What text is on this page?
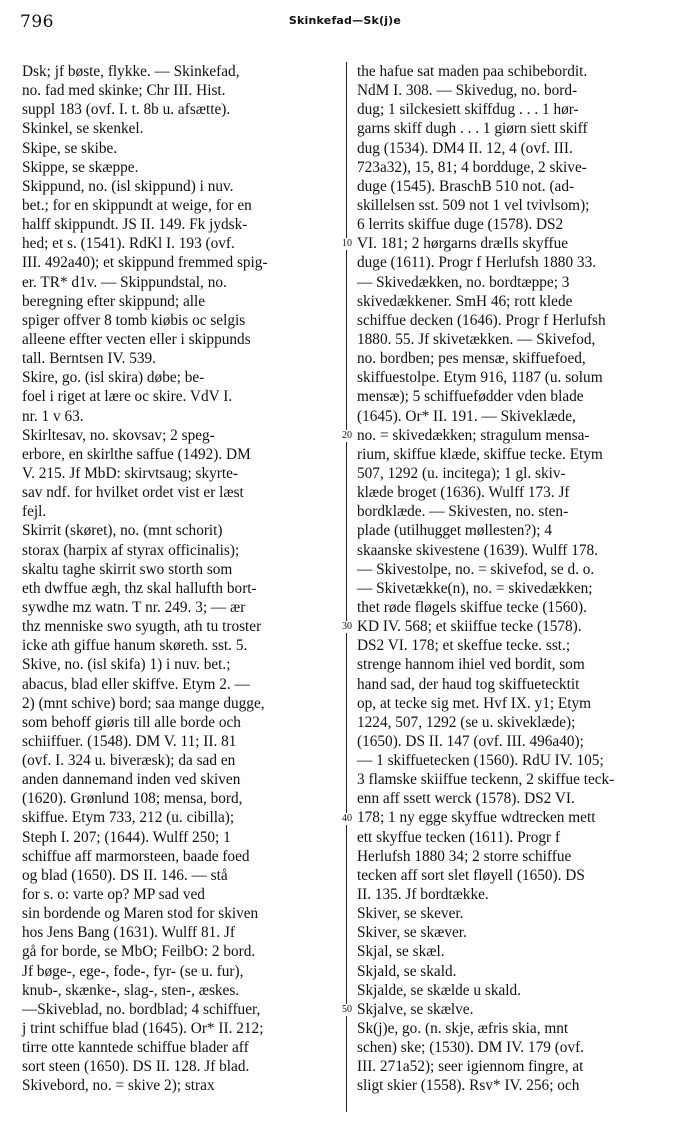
796	Skinkefad—Sk(j)e
10
20
30
40
50
Dsk; jf bøste, flykke. — Skinkefad,
no. fad med skinke; Chr III. Hist.
suppl 183 (ovf. I. t. 8b u. afsætte).
Skinkel, se skenkel.
Skipe, se skibe.
Skippe, se skæppe.
Skippund, no. (isl skippund) i nuv.
bet.; for en skippundt at weige, for en
halff skippundt. JS II. 149. Fk jydsk-
hed; et s. (1541). RdKl I. 193 (ovf.
III. 492a40); et skippund fremmed spig-
er. TR* d1v. — Skippundstal, no.
beregning efter skippund; alle
spiger offver 8 tomb kiøbis oc selgis
alleene effter vecten eller i skippunds
tall. Berntsen IV. 539.
Skire, go. (isl skira) døbe; be-
foel i riget at lære oc skire. VdV I.
nr. 1 v 63.
Skirltesav, no. skovsav; 2 speg-
erbore, en skirlthe saffue (1492). DM
V. 215. Jf MbD: skirvtsaug; skyrte-
sav ndf. for hvilket ordet vist er læst
fejl.
Skirrit (skøret), no. (mnt schorit)
storax (harpix af styrax officinalis);
skaltu taghe skirrit swo storth som
eth dwffue ægh, thz skal hallufth bort-
sywdhe mz watn. T nr. 249. 3; — ær
thz menniske swo syugth, ath tu troster
icke ath giffue hanum skøreth. sst. 5.
Skive, no. (isl skifa) 1) i nuv. bet.;
abacus, blad eller skiffve. Etym 2. —
2) (mnt schive) bord; saa mange dugge,
som behoff giøris till alle borde och
schiiffuer. (1548). DM V. 11; II. 81
(ovf. I. 324 u. biveræsk); da sad en
anden dannemand inden ved skiven
(1620). Grønlund 108; mensa, bord,
skiffue. Etym 733, 212 (u. cibilla);
Steph I. 207; (1644). Wulff 250; 1
schiffue aff marmorsteen, baade foed
og blad (1650). DS II. 146. — stå
for s. o: varte op? MP sad ved
sin bordende og Maren stod for skiven
hos Jens Bang (1631). Wulff 81. Jf
gå for borde, se MbO; FeilbO: 2 bord.
Jf bøge-, ege-, fode-, fyr- (se u. fur),
knub-, skænke-, slag-, sten-, æskes.
—Skiveblad, no. bordblad; 4 schiffuer,
j trint schiffue blad (1645). Or* II. 212;
tirre otte kanntede schiffue blader aff
sort steen (1650). DS II. 128. Jf blad.
Skivebord, no. = skive 2); strax
the hafue sat maden paa schibebordit.
NdM I. 308. — Skivedug, no. bord-
dug; 1 silckesiett skiffdug . . . 1 hør-
garns skiff dugh . . . 1 giørn siett skiff
dug (1534). DM4 II. 12, 4 (ovf. III.
723a32), 15, 81; 4 bordduge, 2 skive-
duge (1545). BraschB 510 not. (ad-
skillelsen sst. 509 not 1 vel tvivlsom);
6 lerrits skiffue duge (1578). DS2
VI. 181; 2 hørgarns dræIls skyffue
duge (1611). Progr f Herlufsh 1880 33.
— Skivedækken, no. bordtæppe; 3
skivedækkener. SmH 46; rott klede
schiffue decken (1646). Progr f Herlufsh
1880. 55. Jf skivetækken. — Skivefod,
no. bordben; pes mensæ, skiffuefoed,
skiffuestolpe. Etym 916, 1187 (u. solum
mensæ); 5 schiffuefødder vden blade
(1645). Or* II. 191. — Skiveklæde,
no. = skivedækken; stragulum mensa-
rium, skiffue klæde, skiffue tecke. Etym
507, 1292 (u. incitega); 1 gl. skiv-
klæde broget (1636). Wulff 173. Jf
bordklæde. — Skivesten, no. sten-
plade (utilhugget møllesten?); 4
skaanske skivestene (1639). Wulff 178.
— Skivestolpe, no. = skivefod, se d. o.
— Skivetække(n), no. = skivedækken;
thet røde fløgels skiffue tecke (1560).
KD IV. 568; et skiiffue tecke (1578).
DS2 VI. 178; et skeffue tecke. sst.;
strenge hannom ihiel ved bordit, som
hand sad, der haud tog skiffuetecktit
op, at tecke sig met. Hvf IX. y1; Etym
1224, 507, 1292 (se u. skiveklæde);
(1650). DS II. 147 (ovf. III. 496a40);
— 1 skiffuetecken (1560). RdU IV. 105;
3 flamske skiiffue teckenn, 2 skiffue teck-
enn aff ssett werck (1578). DS2 VI.
178; 1 ny egge skyffue wdtrecken mett
ett skyffue tecken (1611). Progr f
Herlufsh 1880 34; 2 storre schiffue
tecken aff sort slet fløyell (1650). DS
II. 135. Jf bordtække.
Skiver, se skever.
Skiver, se skæver.
Skjal, se skæl.
Skjald, se skald.
Skjalde, se skælde u skald.
Skjalve, se skælve.
Sk(j)e, go. (n. skje, æfris skia, mnt
schen) ske; (1530). DM IV. 179 (ovf.
III. 271a52); seer igiennom fingre, at
sligt skier (1558). Rsv* IV. 256; och
